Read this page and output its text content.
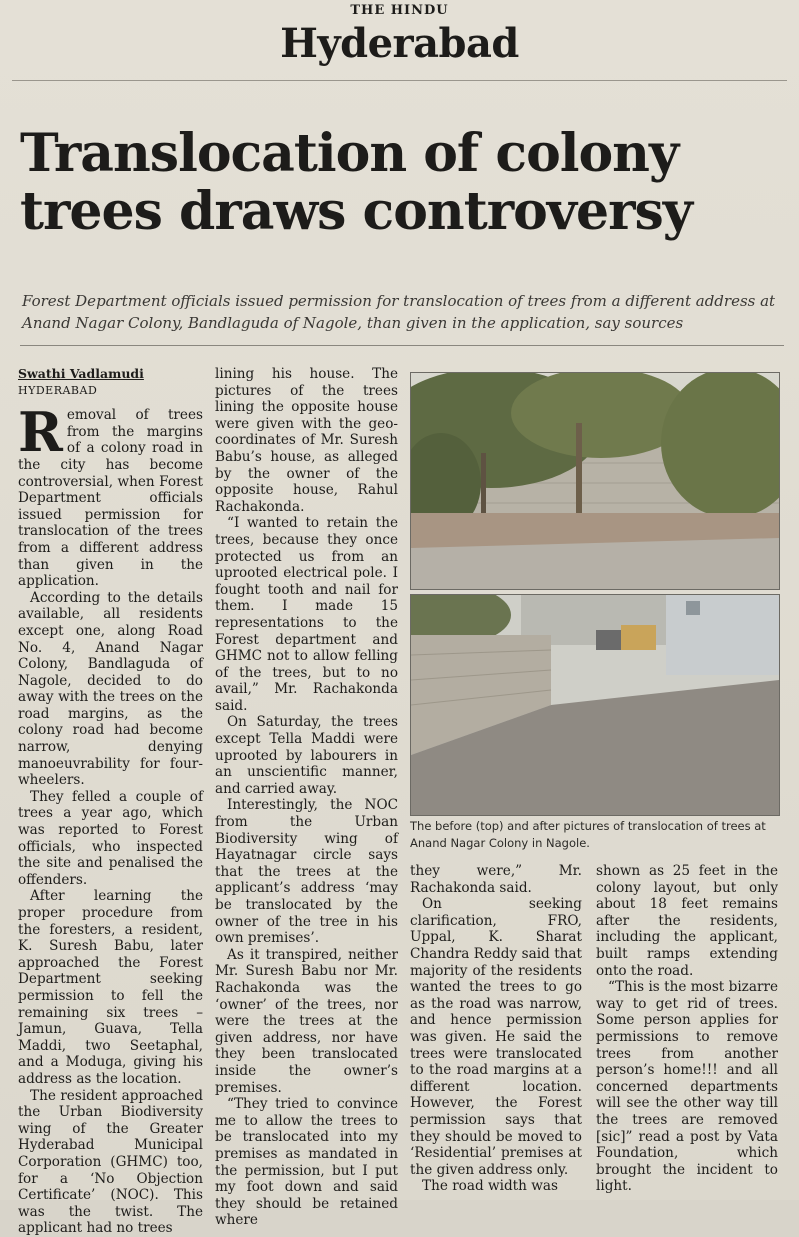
THE HINDU
Hyderabad
Translocation of colony trees draws controversy
Forest Department officials issued permission for translocation of trees from a different address at Anand Nagar Colony, Bandlaguda of Nagole, than given in the application, say sources
Swathi Vadlamudi
HYDERABAD

Removal of trees from the margins of a colony road in the city has become controversial, when Forest Department officials issued permission for translocation of the trees from a different address than given in the application.

According to the details available, all residents except one, along Road No. 4, Anand Nagar Colony, Bandlaguda of Nagole, decided to do away with the trees on the road margins, as the colony road had become narrow, denying manoeuvrability for four-wheelers.

They felled a couple of trees a year ago, which was reported to Forest officials, who inspected the site and penalised the offenders.

After learning the proper procedure from the foresters, a resident, K. Suresh Babu, later approached the Forest Department seeking permission to fell the remaining six trees – Jamun, Guava, Tella Maddi, two Seetaphal, and a Moduga, giving his address as the location.

The resident approached the Urban Biodiversity wing of the Greater Hyderabad Municipal Corporation (GHMC) too, for a ‘No Objection Certificate’ (NOC). This was the twist. The applicant had no trees

lining his house. The pictures of the trees lining the opposite house were given with the geo-coordinates of Mr. Suresh Babu’s house, as alleged by the owner of the opposite house, Rahul Rachakonda.

“I wanted to retain the trees, because they once protected us from an uprooted electrical pole. I fought tooth and nail for them. I made 15 representations to the Forest department and GHMC not to allow felling of the trees, but to no avail,” Mr. Rachakonda said.

On Saturday, the trees except Tella Maddi were uprooted by labourers in an unscientific manner, and carried away.

Interestingly, the NOC from the Urban Biodiversity wing of Hayatnagar circle says that the trees at the applicant’s address ‘may be translocated by the owner of the tree in his own premises’.

As it transpired, neither Mr. Suresh Babu nor Mr. Rachakonda was the ‘owner’ of the trees, nor were the trees at the given address, nor have they been translocated inside the owner’s premises.

“They tried to convince me to allow the trees to be translocated into my premises as mandated in the permission, but I put my foot down and said they should be retained where

The before (top) and after pictures of translocation of trees at Anand Nagar Colony in Nagole.

they were,” Mr. Rachakonda said.

On seeking clarification, FRO, Uppal, K. Sharat Chandra Reddy said that majority of the residents wanted the trees to go as the road was narrow, and hence permission was given. He said the trees were translocated to the road margins at a different location. However, the Forest permission says that they should be moved to ‘Residential’ premises at the given address only.

The road width was

shown as 25 feet in the colony layout, but only about 18 feet remains after the residents, including the applicant, built ramps extending onto the road.

“This is the most bizarre way to get rid of trees. Some person applies for permissions to remove trees from another person’s home!!! and all concerned departments will see the other way till the trees are removed [sic]” read a post by Vata Foundation, which brought the incident to light.
